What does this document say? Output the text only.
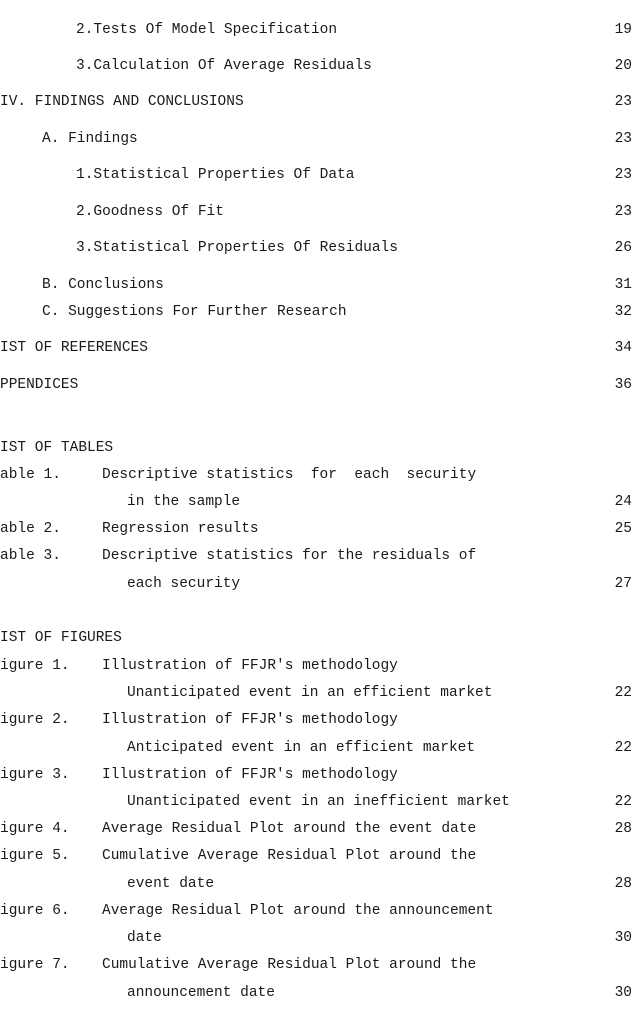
2.Tests Of Model Specification	19
3.Calculation Of Average Residuals	20
IV. FINDINGS AND CONCLUSIONS	23
A. Findings	23
1.Statistical Properties Of Data	23
2.Goodness Of Fit	23
3.Statistical Properties Of Residuals	26
B. Conclusions	31
C. Suggestions For Further Research	32
IST OF REFERENCES	34
PPENDICES	36
IST OF TABLES
able 1.	Descriptive statistics  for  each  security
in the sample	24
able 2.	Regression results	25
able 3.	Descriptive statistics for the residuals of
each security	27
IST OF FIGURES
igure 1. Illustration of FFJR's methodology
Unanticipated event in an efficient market	22
igure 2. Illustration of FFJR's methodology
Anticipated event in an efficient market	22
igure 3. Illustration of FFJR's methodology
Unanticipated event in an inefficient market	22
igure 4. Average Residual Plot around the event date	28
igure 5. Cumulative Average Residual Plot around the
event date	28
igure 6. Average Residual Plot around the announcement
date	30
igure 7. Cumulative Average Residual Plot around the
announcement date	30
